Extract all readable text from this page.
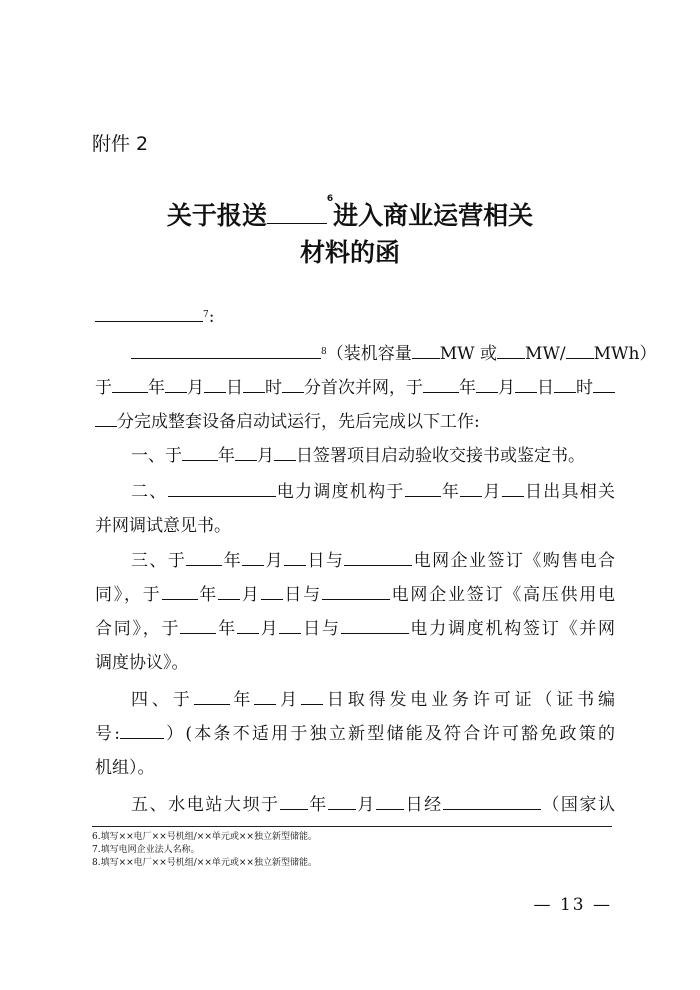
附件 2
关于报送$^6$进入商业运营相关
材料的函
$^7$:
$^8$（装机容量 MW 或 MW/ MWh）
于 年 月 日 时 分首次并网，于 年 月 日 时
分完成整套设备启动试运行，先后完成以下工作:
一、于 年 月 日签署项目启动验收交接书或鉴定书。
二、	电力调度机构于 年 月 日出具相关
并网调试意见书。
三、于 年 月 日与	电网企业签订《购售电合
同》，于 年 月 日与	电网企业签订《高压供用电
合同》，于 年 月 日与	电力调度机构签订《并网
调度协议》。
四、于 年 月 日取得发电业务许可证（证书编
号:	）(本条不适用于独立新型储能及符合许可豁免政策的
机组）。
五、水电站大坝于 年 月 日经	（国家认
6.填写××电厂××号机组/××单元或××独立新型储能。
7.填写电网企业法人名称。
8.填写××电厂××号机组/××单元或××独立新型储能。
— 13 —
